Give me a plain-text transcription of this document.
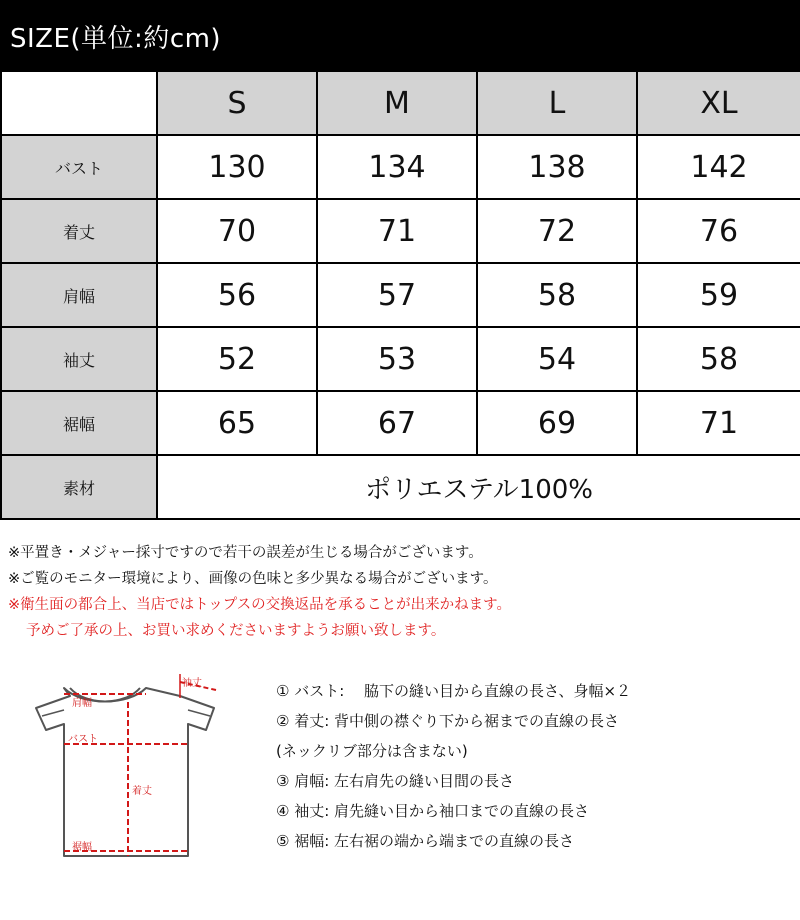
SIZE(単位:約cm)
	S	M	L	XL
バスト	130	134	138	142
着丈	70	71	72	76
肩幅	56	57	58	59
袖丈	52	53	54	58
裾幅	65	67	69	71
素材	ポリエステル100%			
※平置き・メジャー採寸ですので若干の誤差が生じる場合がございます。
※ご覧のモニター環境により、画像の色味と多少異なる場合がございます。
※衛生面の都合上、当店ではトップスの交換返品を承ることが出来かねます。
予めご了承の上、お買い求めくださいますようお願い致します。
袖丈
肩幅
バスト
着丈
裾幅
① バスト:　 脇下の縫い目から直線の長さ、身幅×２
② 着丈: 背中側の襟ぐり下から裾までの直線の長さ
(ネックリブ部分は含まない)
③ 肩幅: 左右肩先の縫い目間の長さ
④ 袖丈: 肩先縫い目から袖口までの直線の長さ
⑤ 裾幅: 左右裾の端から端までの直線の長さ
